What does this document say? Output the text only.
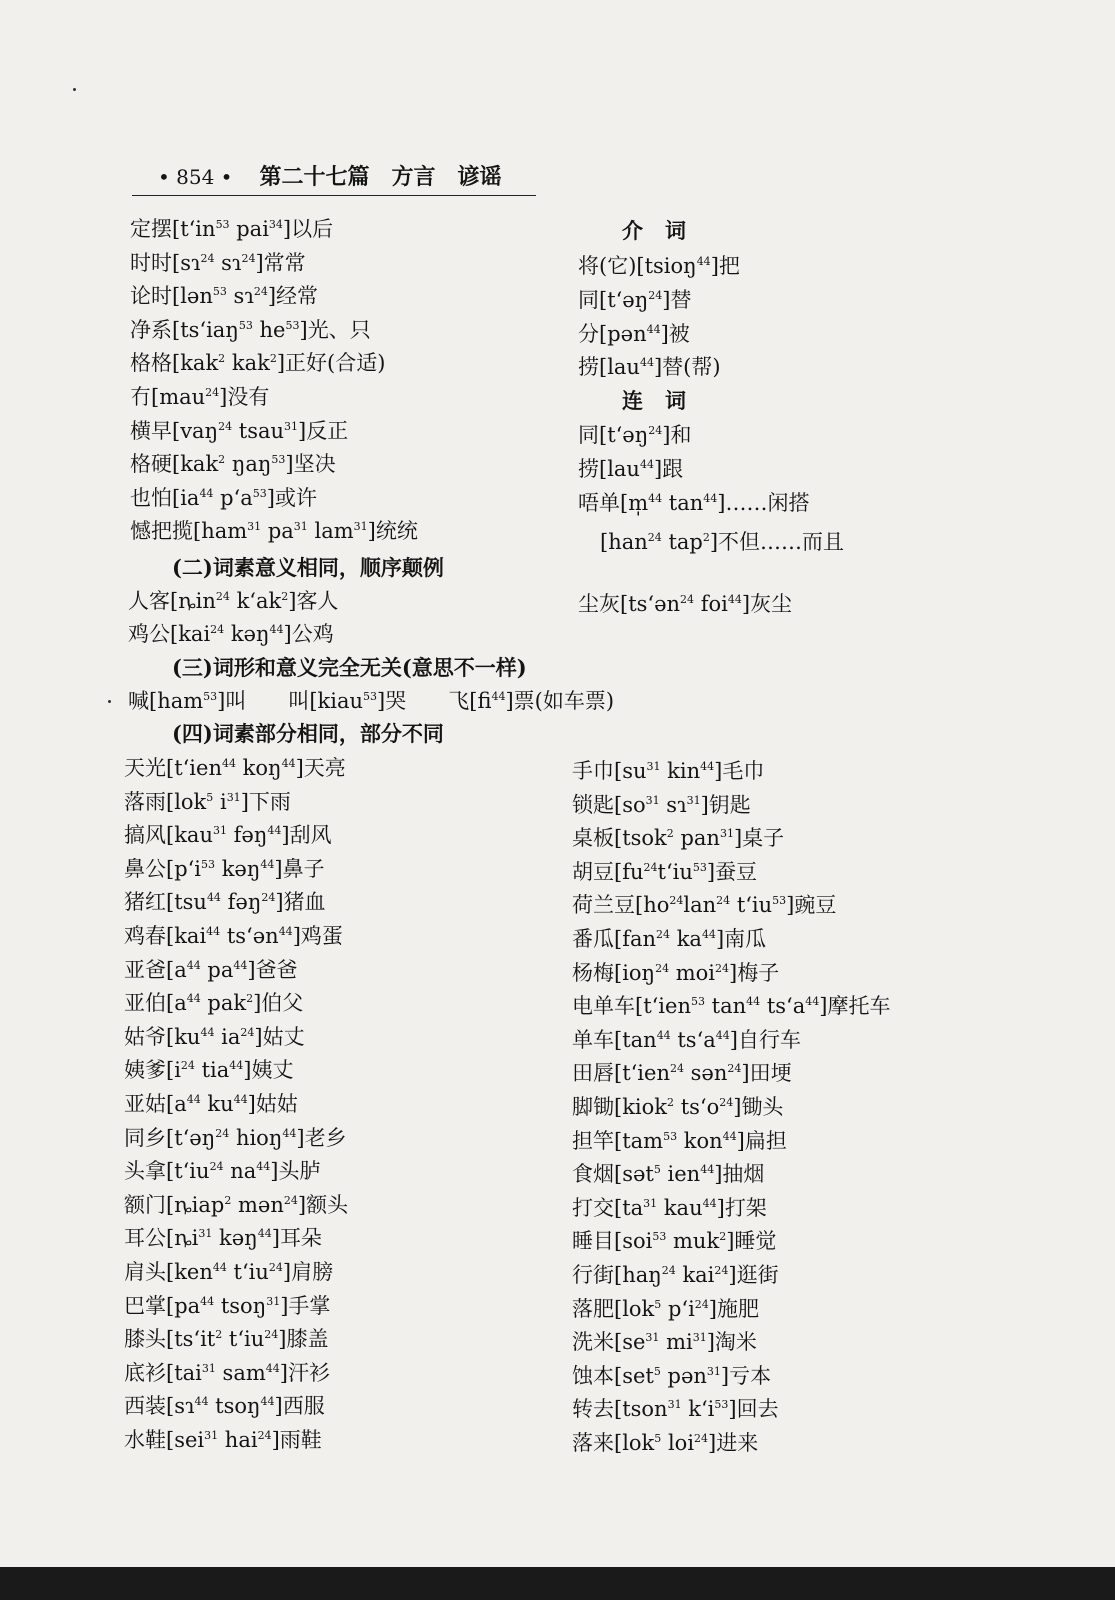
• 854 • 第二十七篇　方言　谚谣
介词
连词
(二)词素意义相同，顺序颠例
(三)词形和意义完全无关(意思不一样)
喊[ham$^{53}$]叫　　叫[kiau$^{53}$]哭　　飞$[fi^{44}]$票(如车票)
(四)词素部分相同，部分不同
定摆[$t‘in^{53}$ pai$^{34}$]以后
时时[sɿ$^{24}$ sɿ$^{24}$]常常
论时[lən$^{53}$ sɿ$^{24}$]经常
净系[ts‘iaŋ$^{53}$ $he^{53}$]光、只
格格[kak$^2$ kak$^2$]正好(合适)
冇[mau$^{24}$]没有
横早[vaŋ$^{24}$ tsau$^{31}$]反正
格硬[kak$^2$ ŋaŋ$^{53}$]坚决
也怕[$ia^{44}$ $p‘a^{53}$]或许
憾把揽[ham$^{31}$ $pa^{31}$ lam$^{31}$]统统
将(它)[tsioŋ$^{44}$]把
同[t‘əŋ$^{24}$]替
分[pən$^{44}$]被
捞[lau$^{44}$]替(帮)
同[t‘əŋ$^{24}$]和
捞[lau$^{44}$]跟
唔单[m̩$^{44}$ $\tan^{44}]\dots\dots$闲搭
[han$^{24}$ tap$^2$]不但……而且
人客[ȵin$^{24}$ $k‘ak^2$]客人
鸡公[kai$^{24}$ kəŋ$^{44}$]公鸡
尘灰[ts‘ən$^{24}$ foi$^{44}$]灰尘
天光[t‘ien$^{44}$ koŋ$^{44}$]天亮
落雨[lok$^5$ $i^{31}$]下雨
搞风[kau$^{31}$ fəŋ$^{44}$]刮风
鼻公[$p‘i^{53}$ kəŋ$^{44}$]鼻子
猪红[tsu$^{44}$ fəŋ$^{24}$]猪血
鸡春[kai$^{44}$ ts‘ən$^{44}$]鸡蛋
亚爸[$a^{44}$ $pa^{44}$]爸爸
亚伯[$a^{44}$ pak$^2$]伯父
姑爷[$ku^{44}$ $ia^{24}$]姑丈
姨爹[$i^{24}$ tia$^{44}$]姨丈
亚姑[$a^{44}$ $ku^{44}$]姑姑
同乡[t‘əŋ$^{24}$ hioŋ$^{44}$]老乡
头拿[$t‘iu^{24}$ $na^{44}$]头胪
额门[ȵiap$^2$ mən$^{24}$]额头
耳公[$ȵi^{31}$ kəŋ$^{44}$]耳朵
肩头[ken$^{44}$ $t‘iu^{24}$]肩膀
巴掌[$pa^{44}$ tsoŋ$^{31}$]手掌
膝头[$ts‘it^2$ $t‘iu^{24}$]膝盖
底衫[tai$^{31}$ sam$^{44}$]汗衫
西装[sɿ$^{44}$ tsoŋ$^{44}$]西服
水鞋[sei$^{31}$ hai$^{24}$]雨鞋
手巾[$su^{31}$ kin$^{44}$]毛巾
锁匙[$so^{31}$ sɿ$^{31}$]钥匙
桌板[tsok$^2$ pan$^{31}$]桌子
胡豆$[fu^{24}t‘iu^{53}]$蚕豆
荷兰豆[$ho^{24}lan^{24}$ $t‘iu^{53}$]豌豆
番瓜[fan$^{24}$ $ka^{44}$]南瓜
杨梅[ioŋ$^{24}$ moi$^{24}$]梅子
电单车[t‘ien$^{53}$ $\tan^{44}$ $ts‘a^{44}$]摩托车
单车[$\tan^{44}$ $ts‘a^{44}$]自行车
田唇[t‘ien$^{24}$ sən$^{24}$]田埂
脚锄[kiok$^2$ $ts‘o^{24}$]锄头
担竿[tam$^{53}$ kon$^{44}$]扁担
食烟[sət$^5$ ien$^{44}$]抽烟
打交[$ta^{31}$ kau$^{44}$]打架
睡目[soi$^{53}$ muk$^2$]睡觉
行街[haŋ$^{24}$ kai$^{24}$]逛街
落肥[lok$^5$ $p‘i^{24}$]施肥
洗米[$se^{31}$ $mi^{31}$]淘米
蚀本[set$^5$ pən$^{31}$]亏本
转去[tson$^{31}$ $k‘i^{53}$]回去
落来[lok$^5$ loi$^{24}$]进来
